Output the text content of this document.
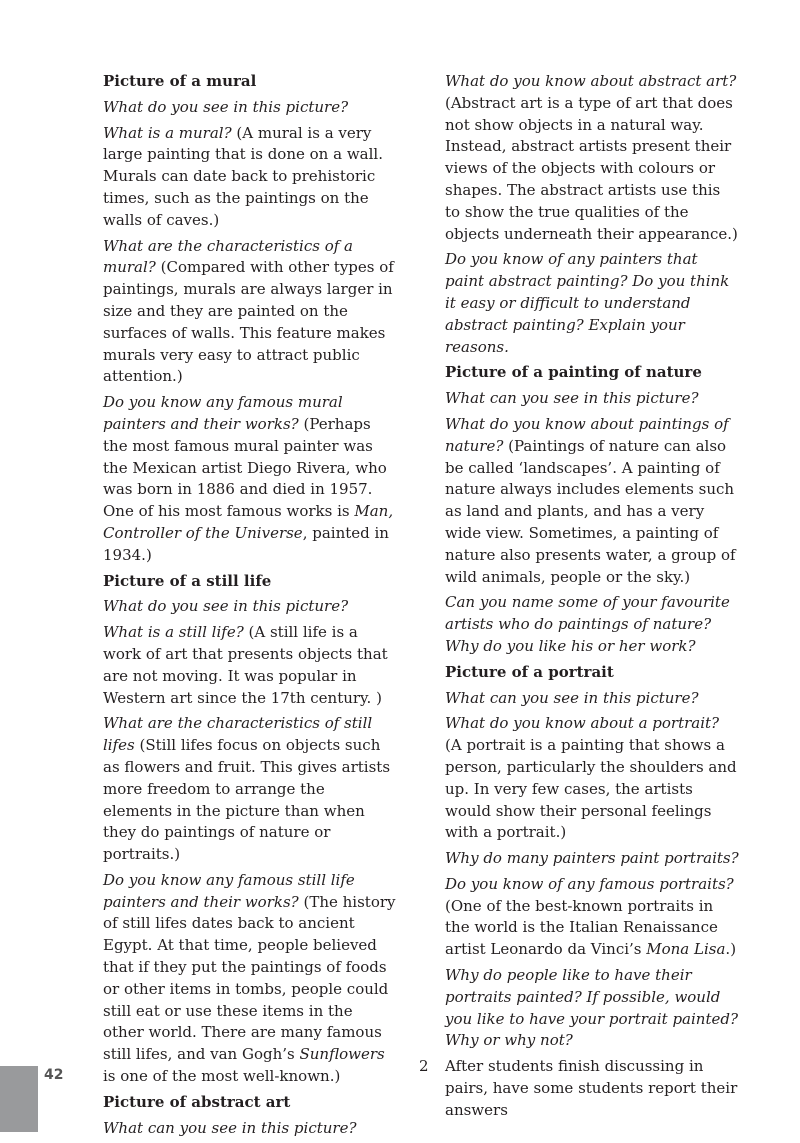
Picture of a mural

What do you see in this picture?

What is a mural? (A mural is a very large painting that is done on a wall. Murals can date back to prehistoric times, such as the paintings on the walls of caves.)

What are the characteristics of a mural? (Compared with other types of paintings, murals are always larger in size and they are painted on the surfaces of walls. This feature makes murals very easy to attract public attention.)

Do you know any famous mural painters and their works? (Perhaps the most famous mural painter was the Mexican artist Diego Rivera, who was born in 1886 and died in 1957. One of his most famous works is Man, Controller of the Universe, painted in 1934.)

Picture of a still life

What do you see in this picture?

What is a still life? (A still life is a work of art that presents objects that are not moving. It was popular in Western art since the 17th century. )

What are the characteristics of still lifes (Still lifes focus on objects such as flowers and fruit. This gives artists more freedom to arrange the elements in the picture than when they do paintings of nature or portraits.)

Do you know any famous still life painters and their works? (The history of still lifes dates back to ancient Egypt. At that time, people believed that if they put the paintings of foods or other items in tombs, people could still eat or use these items in the other world. There are many famous still lifes, and van Gogh’s Sunflowers is one of the most well-known.)

Picture of abstract art

What can you see in this picture?

What do you know about abstract art? (Abstract art is a type of art that does not show objects in a natural way. Instead, abstract artists present their views of the objects with colours or shapes. The abstract artists use this to show the true qualities of the objects underneath their appearance.)

Do you know of any painters that paint abstract painting? Do you think it easy or difficult to understand abstract painting? Explain your reasons.

Picture of a painting of nature

What can you see in this picture?

What do you know about paintings of nature? (Paintings of nature can also be called ‘landscapes’. A painting of nature always includes elements such as land and plants, and has a very wide view. Sometimes, a painting of nature also presents water, a group of wild animals, people or the sky.)

Can you name some of your favourite artists who do paintings of nature? Why do you like his or her work?

Picture of a portrait

What can you see in this picture?

What do you know about a portrait? (A portrait is a painting that shows a person, particularly the shoulders and up. In very few cases, the artists would show their personal feelings with a portrait.)

Why do many painters paint portraits?

Do you know of any famous portraits? (One of the best-known portraits in the world is the Italian Renaissance artist Leonardo da Vinci’s Mona Lisa.)

Why do people like to have their portraits painted? If possible, would you like to have your portrait painted? Why or why not?

2 After students finish discussing in pairs, have some students report their answers

42
